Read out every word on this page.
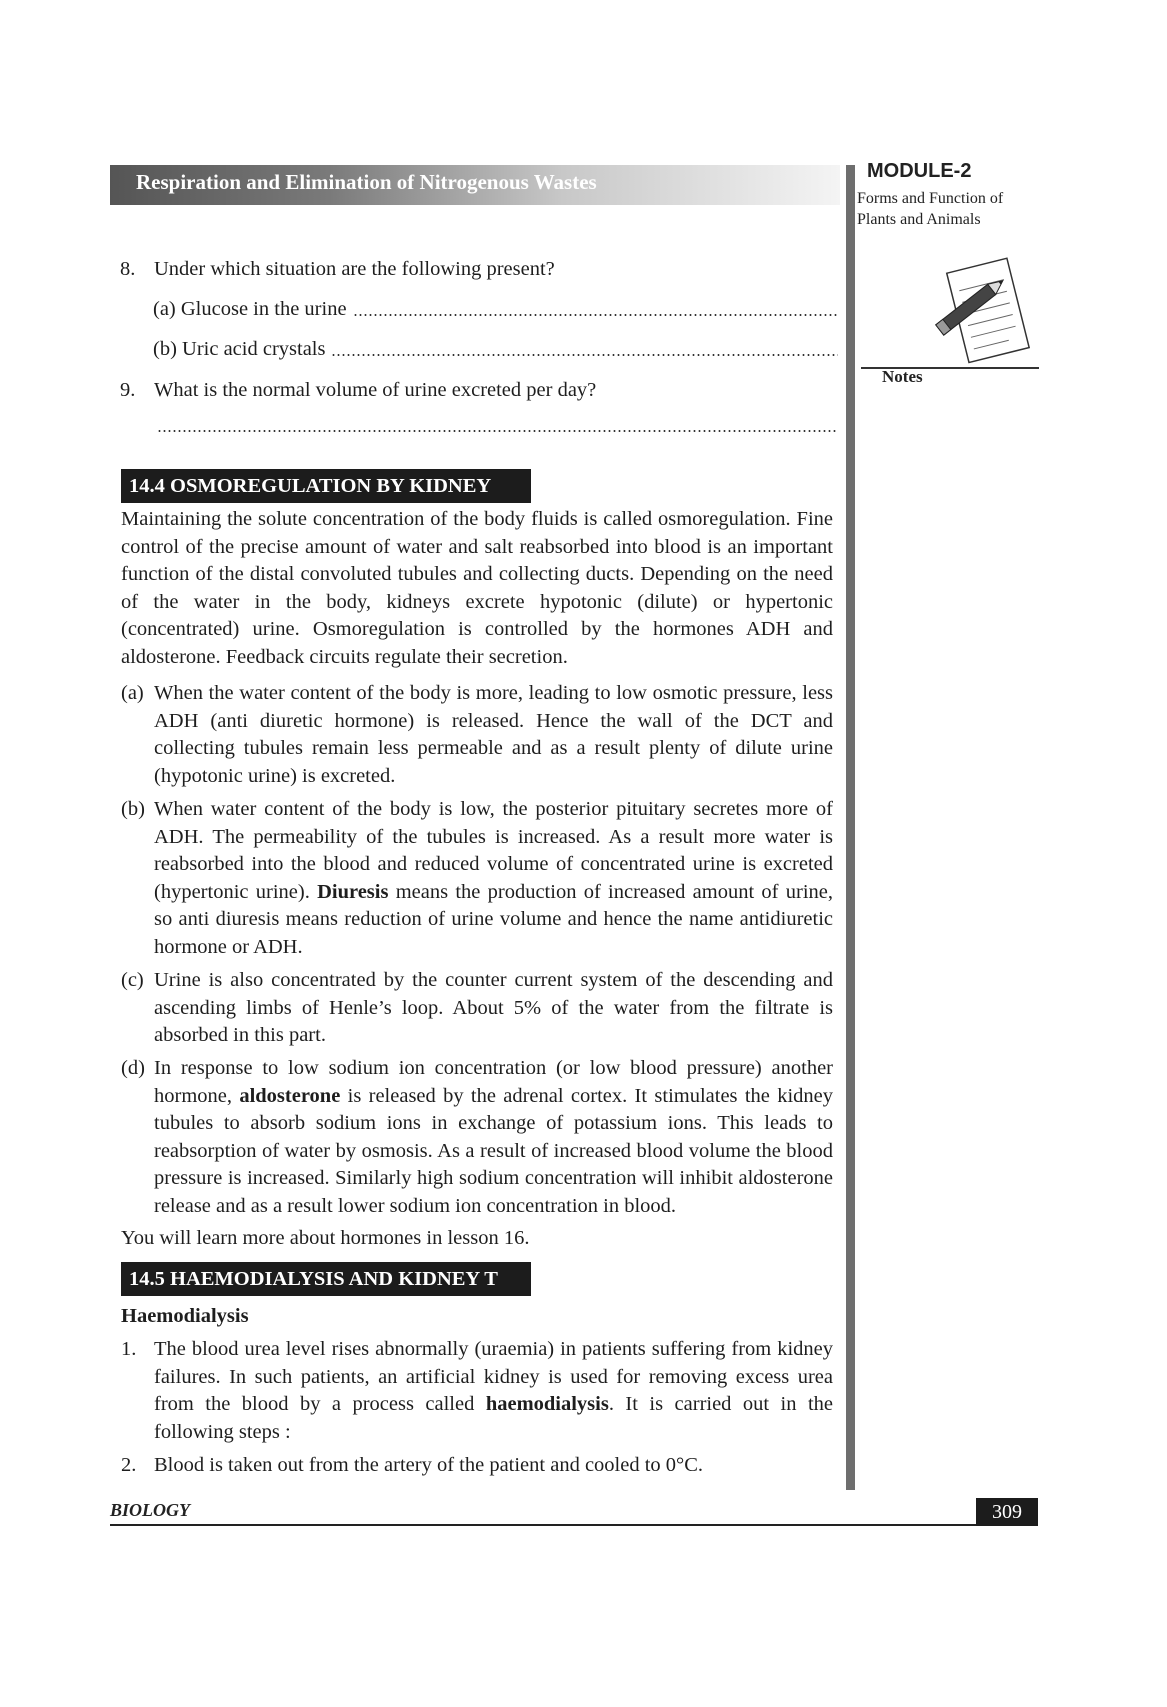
Respiration and Elimination of Nitrogenous Wastes	MODULE-2
Forms and Function of
Plants and Animals
Notes
8. Under which situation are the following present?
(a) Glucose in the urine
(b) Uric acid crystals
9. What is the normal volume of urine excreted per day?
14.4 OSMOREGULATION BY KIDNEY
Maintaining the solute concentration of the body fluids is called osmoregulation. Fine control of the precise amount of water and salt reabsorbed into blood is an important function of the distal convoluted tubules and collecting ducts. Depending on the need of the water in the body, kidneys excrete hypotonic (dilute) or hypertonic (concentrated) urine. Osmoregulation is controlled by the hormones ADH and aldosterone. Feedback circuits regulate their secretion.
(a) When the water content of the body is more, leading to low osmotic pressure, less ADH (anti diuretic hormone) is released. Hence the wall of the DCT and collecting tubules remain less permeable and as a result plenty of dilute urine (hypotonic urine) is excreted.
(b) When water content of the body is low, the posterior pituitary secretes more of ADH. The permeability of the tubules is increased. As a result more water is reabsorbed into the blood and reduced volume of concentrated urine is excreted (hypertonic urine). Diuresis means the production of increased amount of urine, so anti diuresis means reduction of urine volume and hence the name antidiuretic hormone or ADH.
(c) Urine is also concentrated by the counter current system of the descending and ascending limbs of Henle’s loop. About 5% of the water from the filtrate is absorbed in this part.
(d) In response to low sodium ion concentration (or low blood pressure) another hormone, aldosterone is released by the adrenal cortex. It stimulates the kidney tubules to absorb sodium ions in exchange of potassium ions. This leads to reabsorption of water by osmosis. As a result of increased blood volume the blood pressure is increased. Similarly high sodium concentration will inhibit aldosterone release and as a result lower sodium ion concentration in blood.
You will learn more about hormones in lesson 16.
14.5 HAEMODIALYSIS AND KIDNEY T
Haemodialysis
1. The blood urea level rises abnormally (uraemia) in patients suffering from kidney failures. In such patients, an artificial kidney is used for removing excess urea from the blood by a process called haemodialysis. It is carried out in the following steps :
2. Blood is taken out from the artery of the patient and cooled to 0°C.
BIOLOGY	309
